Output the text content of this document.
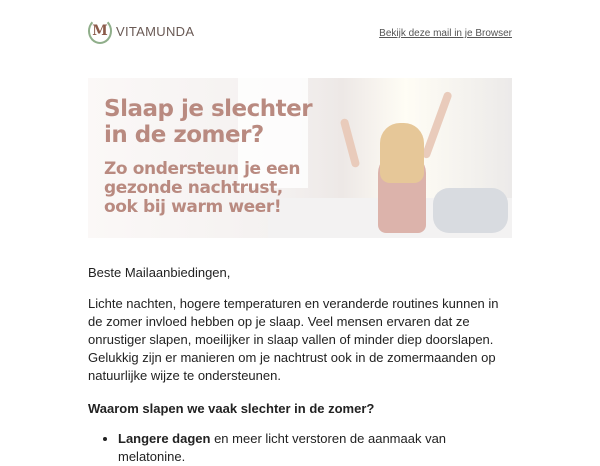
M VITAMUNDA	Bekijk deze mail in je Browser
Slaap je slechter
in de zomer?
Zo ondersteun je een
gezonde nachtrust,
ook bij warm weer!

Beste Mailaanbiedingen,

Lichte nachten, hogere temperaturen en veranderde routines kunnen in de zomer invloed hebben op je slaap. Veel mensen ervaren dat ze onrustiger slapen, moeilijker in slaap vallen of minder diep doorslapen. Gelukkig zijn er manieren om je nachtrust ook in de zomermaanden op natuurlijke wijze te ondersteunen.

Waarom slapen we vaak slechter in de zomer?
• Langere dagen en meer licht verstoren de aanmaak van melatonine.
